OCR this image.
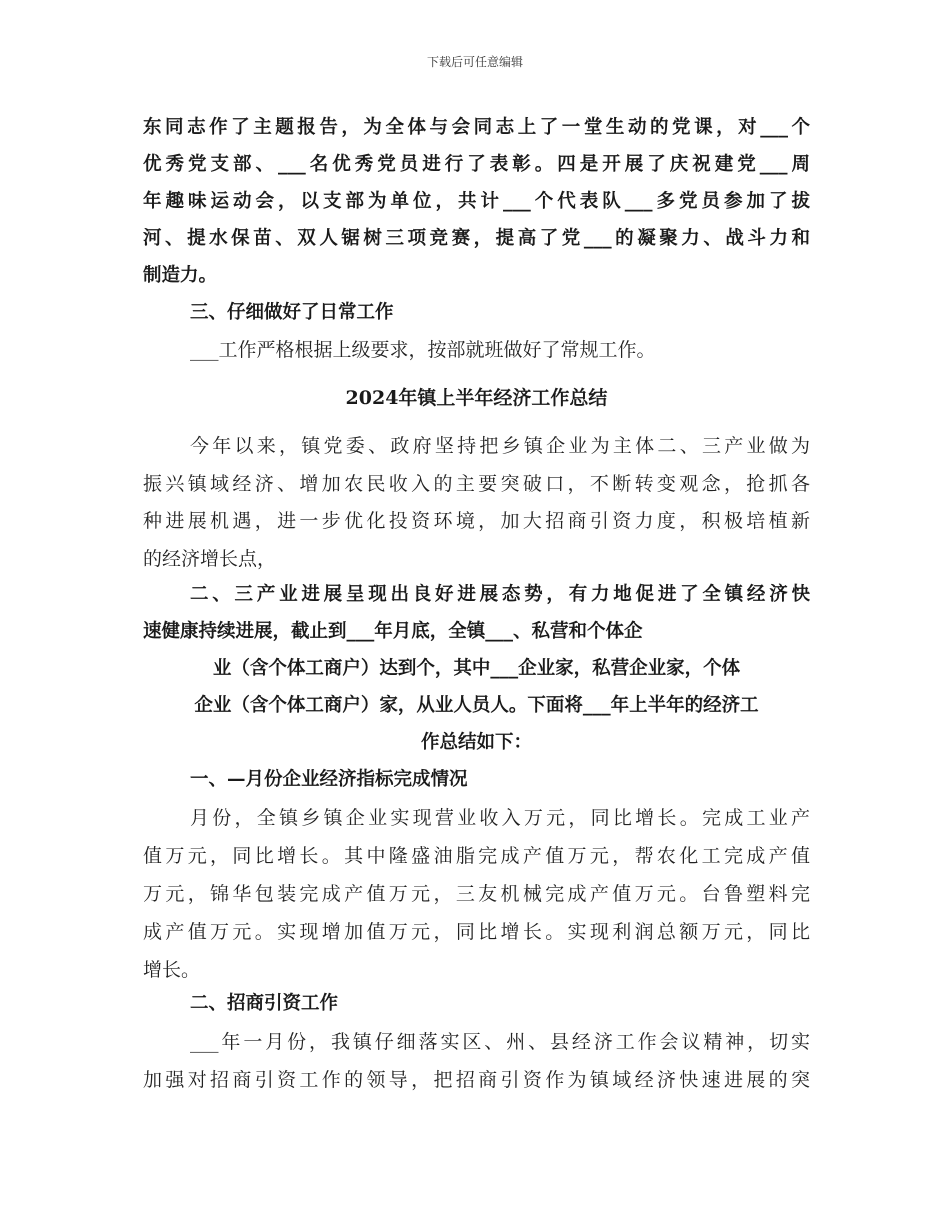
下载后可任意编辑
东同志作了主题报告，为全体与会同志上了一堂生动的党课，对___个
优秀党支部、___名优秀党员进行了表彰。四是开展了庆祝建党___周
年趣味运动会，以支部为单位，共计___个代表队___多党员参加了拔
河、提水保苗、双人锯树三项竞赛，提高了党___的凝聚力、战斗力和
制造力。
三、仔细做好了日常工作
___工作严格根据上级要求，按部就班做好了常规工作。
2024年镇上半年经济工作总结
今年以来，镇党委、政府坚持把乡镇企业为主体二、三产业做为
振兴镇域经济、增加农民收入的主要突破口，不断转变观念，抢抓各
种进展机遇，进一步优化投资环境，加大招商引资力度，积极培植新
的经济增长点，
二、三产业进展呈现出良好进展态势，有力地促进了全镇经济快
速健康持续进展，截止到___年月底，全镇___、私营和个体企
业（含个体工商户）达到个，其中___企业家，私营企业家，个体
企业（含个体工商户）家，从业人员人。下面将___年上半年的经济工
作总结如下：
一、—月份企业经济指标完成情况
月份，全镇乡镇企业实现营业收入万元，同比增长。完成工业产
值万元，同比增长。其中隆盛油脂完成产值万元，帮农化工完成产值
万元，锦华包装完成产值万元，三友机械完成产值万元。台鲁塑料完
成产值万元。实现增加值万元，同比增长。实现利润总额万元，同比
增长。
二、招商引资工作
___年一月份，我镇仔细落实区、州、县经济工作会议精神，切实
加强对招商引资工作的领导，把招商引资作为镇域经济快速进展的突
